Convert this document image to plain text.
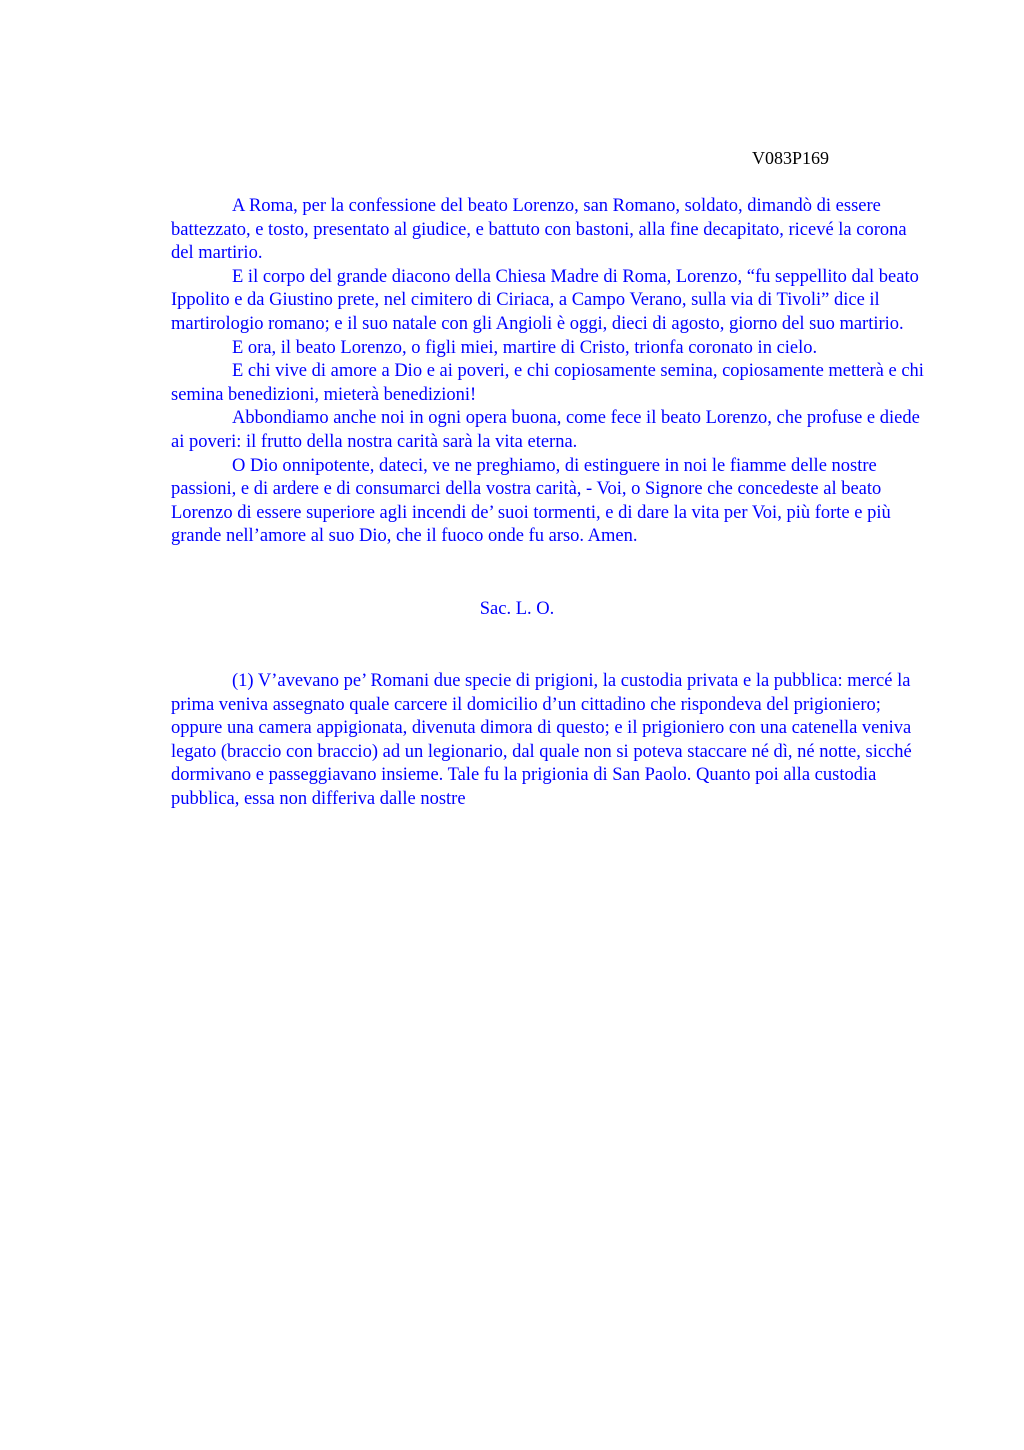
V083P169

A Roma, per la confessione del beato Lorenzo, san Romano, soldato, dimandò di essere battezzato, e tosto, presentato al giudice, e battuto con bastoni, alla fine decapitato, ricevé la corona del martirio.

E il corpo del grande diacono della Chiesa Madre di Roma, Lorenzo, “fu seppellito dal beato Ippolito e da Giustino prete, nel cimitero di Ciriaca, a Campo Verano, sulla via di Tivoli” dice il martirologio romano; e il suo natale con gli Angioli è oggi, dieci di agosto, giorno del suo martirio.

E ora, il beato Lorenzo, o figli miei, martire di Cristo, trionfa coronato in cielo.

E chi vive di amore a Dio e ai poveri, e chi copiosamente semina, copiosamente metterà e chi semina benedizioni, mieterà benedizioni!

Abbondiamo anche noi in ogni opera buona, come fece il beato Lorenzo, che profuse e diede ai poveri: il frutto della nostra carità sarà la vita eterna.

O Dio onnipotente, dateci, ve ne preghiamo, di estinguere in noi le fiamme delle nostre passioni, e di ardere e di consumarci della vostra carità, - Voi, o Signore che concedeste al beato Lorenzo di essere superiore agli incendi de’ suoi tormenti, e di dare la vita per Voi, più forte e più grande nell’amore al suo Dio, che il fuoco onde fu arso. Amen.

Sac. L. O.

(1) V’avevano pe’ Romani due specie di prigioni, la custodia privata e la pubblica: mercé la prima veniva assegnato quale carcere il domicilio d’un cittadino che rispondeva del prigioniero; oppure una camera appigionata, divenuta dimora di questo; e il prigioniero con una catenella veniva legato (braccio con braccio) ad un legionario, dal quale non si poteva staccare né dì, né notte, sicché dormivano e passeggiavano insieme. Tale fu la prigionia di San Paolo. Quanto poi alla custodia pubblica, essa non differiva dalle nostre
